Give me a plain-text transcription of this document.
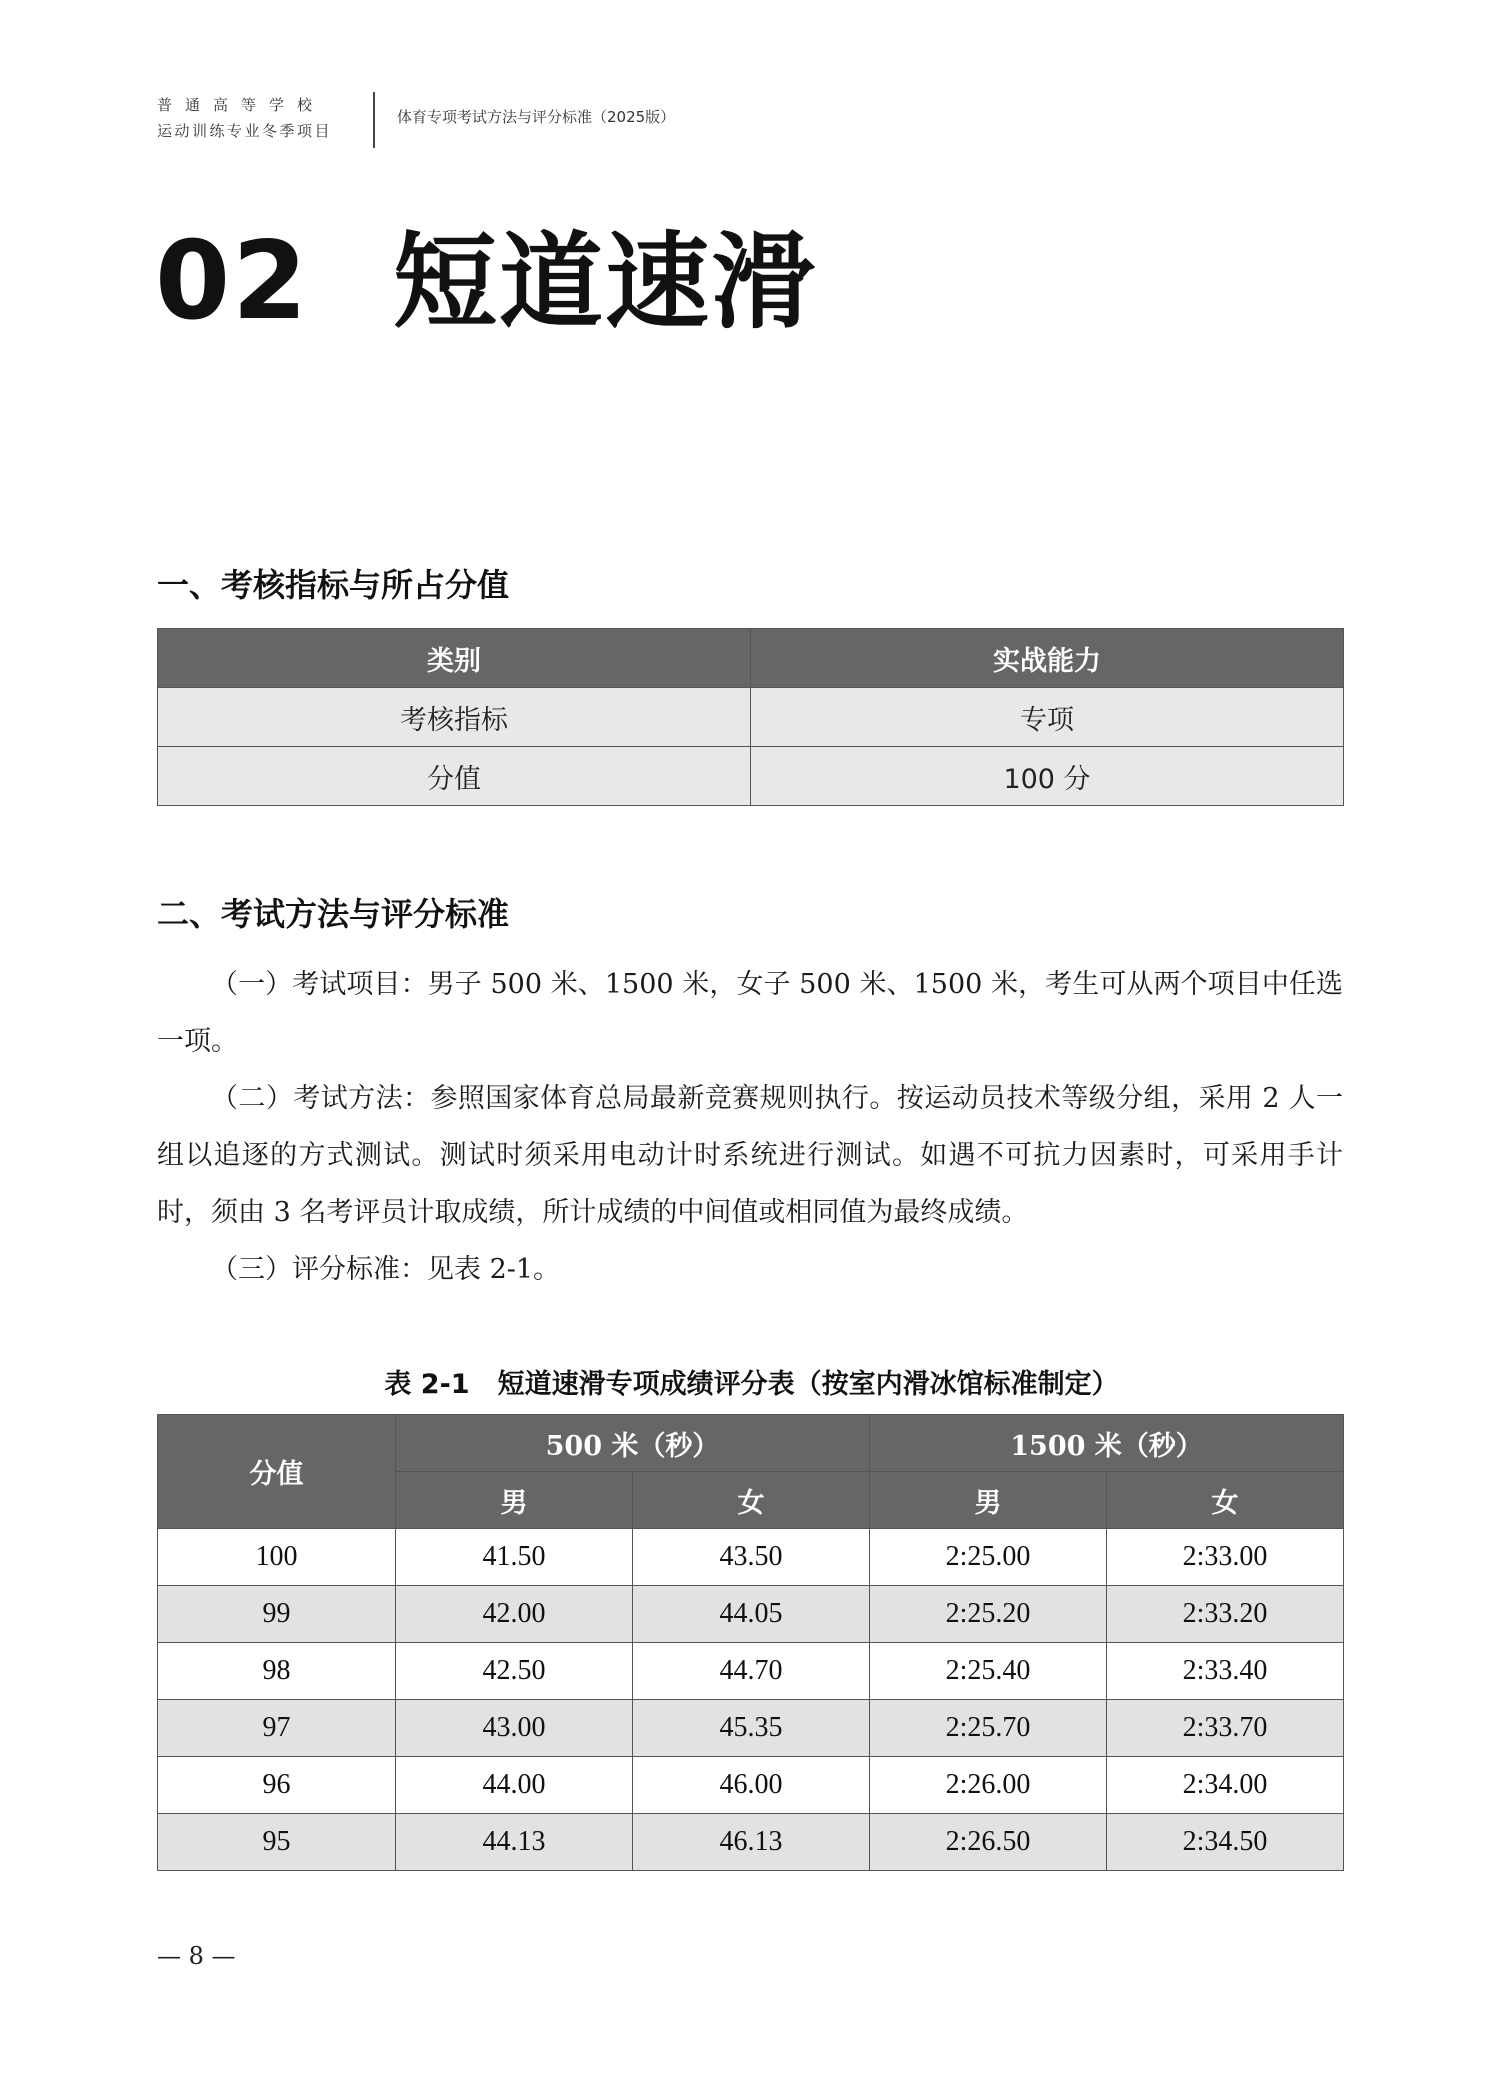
普通高等学校
运动训练专业冬季项目
体育专项考试方法与评分标准（2025版）
02 短道速滑
一、考核指标与所占分值
类别	实战能力
考核指标	专项
分值	100 分
二、考试方法与评分标准

（一）考试项目：男子 500 米、1500 米，女子 500 米、1500 米，考生可从两个项目中任选一项。

（二）考试方法：参照国家体育总局最新竞赛规则执行。按运动员技术等级分组，采用 2 人一组以追逐的方式测试。测试时须采用电动计时系统进行测试。如遇不可抗力因素时，可采用手计时，须由 3 名考评员计取成绩，所计成绩的中间值或相同值为最终成绩。

（三）评分标准：见表 2-1。

表 2-1 短道速滑专项成绩评分表（按室内滑冰馆标准制定）
分值	500 米（秒）		1500 米（秒）	
	男	女	男	女
100	41.50	43.50	2:25.00	2:33.00
99	42.00	44.05	2:25.20	2:33.20
98	42.50	44.70	2:25.40	2:33.40
97	43.00	45.35	2:25.70	2:33.70
96	44.00	46.00	2:26.00	2:34.00
95	44.13	46.13	2:26.50	2:34.50
— 8 —
